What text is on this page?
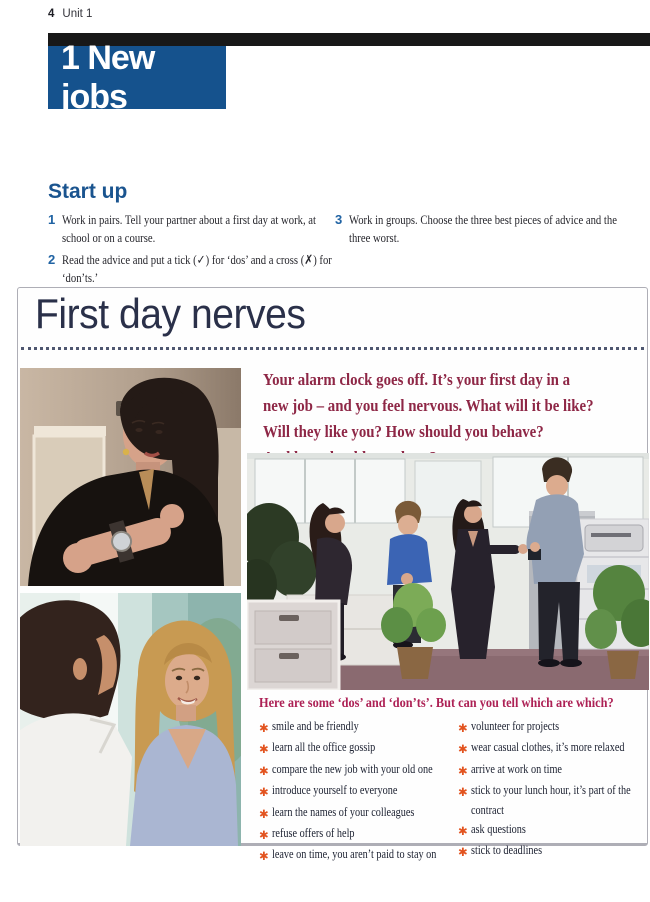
4 Unit 1
1 New jobs
Start up
1 Work in pairs. Tell your partner about a first day at work, at school or on a course.
2 Read the advice and put a tick (✓) for ‘dos’ and a cross (✗) for ‘don’ts.’
3 Work in groups. Choose the three best pieces of advice and the three worst.
First day nerves
Your alarm clock goes off. It’s your first day in a
new job – and you feel nervous. What will it be like?
Will they like you? How should you behave?
Here are some ‘dos’ and ‘don’ts’. But can you tell which are which?
✱ smile and be friendly
✱ learn all the office gossip
✱ compare the new job with your old one
✱ introduce yourself to everyone
✱ learn the names of your colleagues
✱ refuse offers of help
✱ leave on time, you aren’t paid to stay on
✱ volunteer for projects
✱ wear casual clothes, it’s more relaxed
✱ arrive at work on time
✱ stick to your lunch hour, it’s part of the contract
✱ ask questions
✱ stick to deadlines
